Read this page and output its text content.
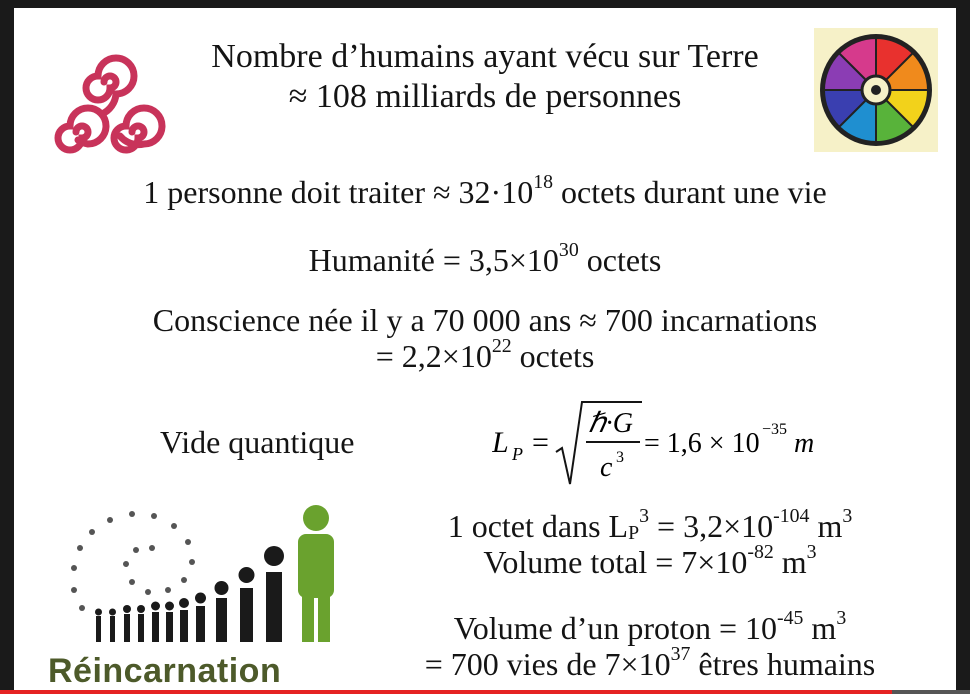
Nombre d’humains ayant vécu sur Terre
≈ 108 milliards de personnes
1 personne doit traiter ≈ $32\cdot 10^{18}$ octets durant une vie
Humanité = $3,5\times 10^{30}$ octets
Conscience née il y a 70 000 ans ≈ 700 incarnations
= $2,2\times 10^{22}$ octets
Vide quantique	L P =
ℏ·G
c 3 = 1,6 × 10 −35 m
1 octet dans $LP^3 = 3,2\times 10^{-104}$ $m^3$
Volume total = $7\times 10^{-82}$ $m^3$
Volume d’un proton = $10^{-45}$ $m^3$
= 700 vies de $7\times 10^{37}$ êtres humains
Réincarnation
